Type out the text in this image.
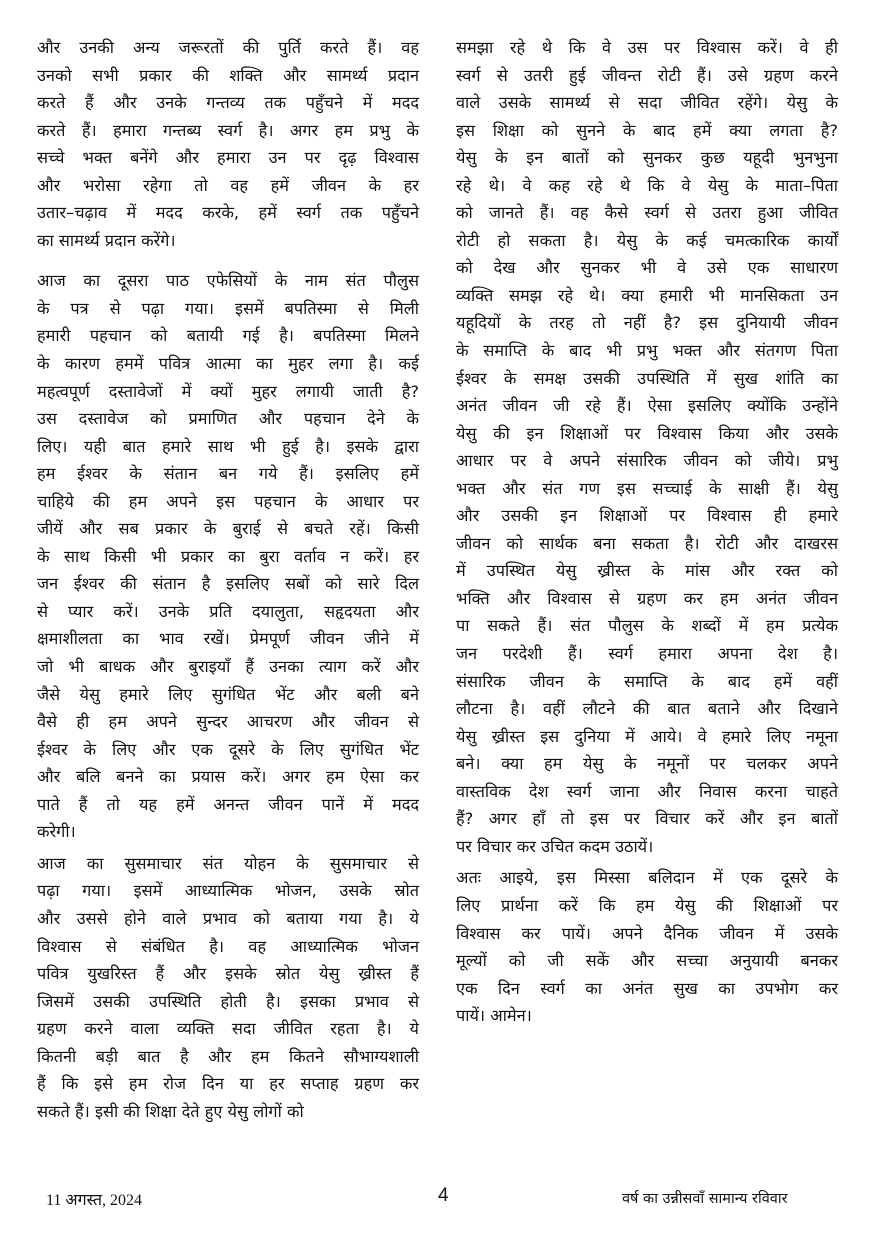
और उनकी अन्य जरूरतों की पुर्ति करते हैं। वह
उनको सभी प्रकार की शक्ति और सामर्थ्य प्रदान
करते हैं और उनके गन्तव्य तक पहुँचने में मदद
करते हैं। हमारा गन्तब्य स्वर्ग है। अगर हम प्रभु के
सच्चे भक्त बनेंगे और हमारा उन पर दृढ़ विश्वास
और भरोसा रहेगा तो वह हमें जीवन के हर
उतार–चढ़ाव में मदद करके, हमें स्वर्ग तक पहुँचने
का सामर्थ्य प्रदान करेंगे।
आज का दूसरा पाठ एफेसियों के नाम संत पौलुस
के पत्र से पढ़ा गया। इसमें बपतिस्मा से मिली
हमारी पहचान को बतायी गई है। बपतिस्मा मिलने
के कारण हममें पवित्र आत्मा का मुहर लगा है। कई
महत्वपूर्ण दस्तावेजों में क्यों मुहर लगायी जाती है?
उस दस्तावेज को प्रमाणित और पहचान देने के
लिए। यही बात हमारे साथ भी हुई है। इसके द्वारा
हम ईश्वर के संतान बन गये हैं। इसलिए हमें
चाहिये की हम अपने इस पहचान के आधार पर
जीयें और सब प्रकार के बुराई से बचते रहें। किसी
के साथ किसी भी प्रकार का बुरा वर्ताव न करें। हर
जन ईश्वर की संतान है इसलिए सबों को सारे दिल
से प्यार करें। उनके प्रति दयालुता, सहृदयता और
क्षमाशीलता का भाव रखें। प्रेमपूर्ण जीवन जीने में
जो भी बाधक और बुराइयाँ हैं उनका त्याग करें और
जैसे येसु हमारे लिए सुगंधित भेंट और बली बने
वैसे ही हम अपने सुन्दर आचरण और जीवन से
ईश्वर के लिए और एक दूसरे के लिए सुगंधित भेंट
और बलि बनने का प्रयास करें। अगर हम ऐसा कर
पाते हैं तो यह हमें अनन्त जीवन पानें में मदद
करेगी।
आज का सुसमाचार संत योहन के सुसमाचार से
पढ़ा गया। इसमें आध्यात्मिक भोजन, उसके स्रोत
और उससे होने वाले प्रभाव को बताया गया है। ये
विश्वास से संबंधित है। वह आध्यात्मिक भोजन
पवित्र युखरिस्त हैं और इसके स्रोत येसु ख्रीस्त हैं
जिसमें उसकी उपस्थिति होती है। इसका प्रभाव से
ग्रहण करने वाला व्यक्ति सदा जीवित रहता है। ये
कितनी बड़ी बात है और हम कितने सौभाग्यशाली
हैं कि इसे हम रोज दिन या हर सप्ताह ग्रहण कर
सकते हैं। इसी की शिक्षा देते हुए येसु लोगों को
समझा रहे थे कि वे उस पर विश्वास करें। वे ही
स्वर्ग से उतरी हुई जीवन्त रोटी हैं। उसे ग्रहण करने
वाले उसके सामर्थ्य से सदा जीवित रहेंगे। येसु के
इस शिक्षा को सुनने के बाद हमें क्या लगता है?
येसु के इन बातों को सुनकर कुछ यहूदी भुनभुना
रहे थे। वे कह रहे थे कि वे येसु के माता–पिता
को जानते हैं। वह कैसे स्वर्ग से उतरा हुआ जीवित
रोटी हो सकता है। येसु के कई चमत्कारिक कार्यों
को देख और सुनकर भी वे उसे एक साधारण
व्यक्ति समझ रहे थे। क्या हमारी भी मानसिकता उन
यहूदियों के तरह तो नहीं है? इस दुनियायी जीवन
के समाप्ति के बाद भी प्रभु भक्त और संतगण पिता
ईश्वर के समक्ष उसकी उपस्थिति में सुख शांति का
अनंत जीवन जी रहे हैं। ऐसा इसलिए क्योंकि उन्होंने
येसु की इन शिक्षाओं पर विश्वास किया और उसके
आधार पर वे अपने संसारिक जीवन को जीये। प्रभु
भक्त और संत गण इस सच्चाई के साक्षी हैं। येसु
और उसकी इन शिक्षाओं पर विश्वास ही हमारे
जीवन को सार्थक बना सकता है। रोटी और दाखरस
में उपस्थित येसु ख्रीस्त के मांस और रक्त को
भक्ति और विश्वास से ग्रहण कर हम अनंत जीवन
पा सकते हैं। संत पौलुस के शब्दों में हम प्रत्येक
जन परदेशी हैं। स्वर्ग हमारा अपना देश है।
संसारिक जीवन के समाप्ति के बाद हमें वहीं
लौटना है। वहीं लौटने की बात बताने और दिखाने
येसु ख्रीस्त इस दुनिया में आये। वे हमारे लिए नमूना
बने। क्या हम येसु के नमूनों पर चलकर अपने
वास्तविक देश स्वर्ग जाना और निवास करना चाहते
हैं? अगर हाँ तो इस पर विचार करें और इन बातों
पर विचार कर उचित कदम उठायें।
अतः आइये, इस मिस्सा बलिदान में एक दूसरे के
लिए प्रार्थना करें कि हम येसु की शिक्षाओं पर
विश्वास कर पायें। अपने दैनिक जीवन में उसके
मूल्यों को जी सकें और सच्चा अनुयायी बनकर
एक दिन स्वर्ग का अनंत सुख का उपभोग कर
पायें। आमेन।
11 अगस्त, 2024	4	वर्ष का उन्नीसवाँ सामान्य रविवार
